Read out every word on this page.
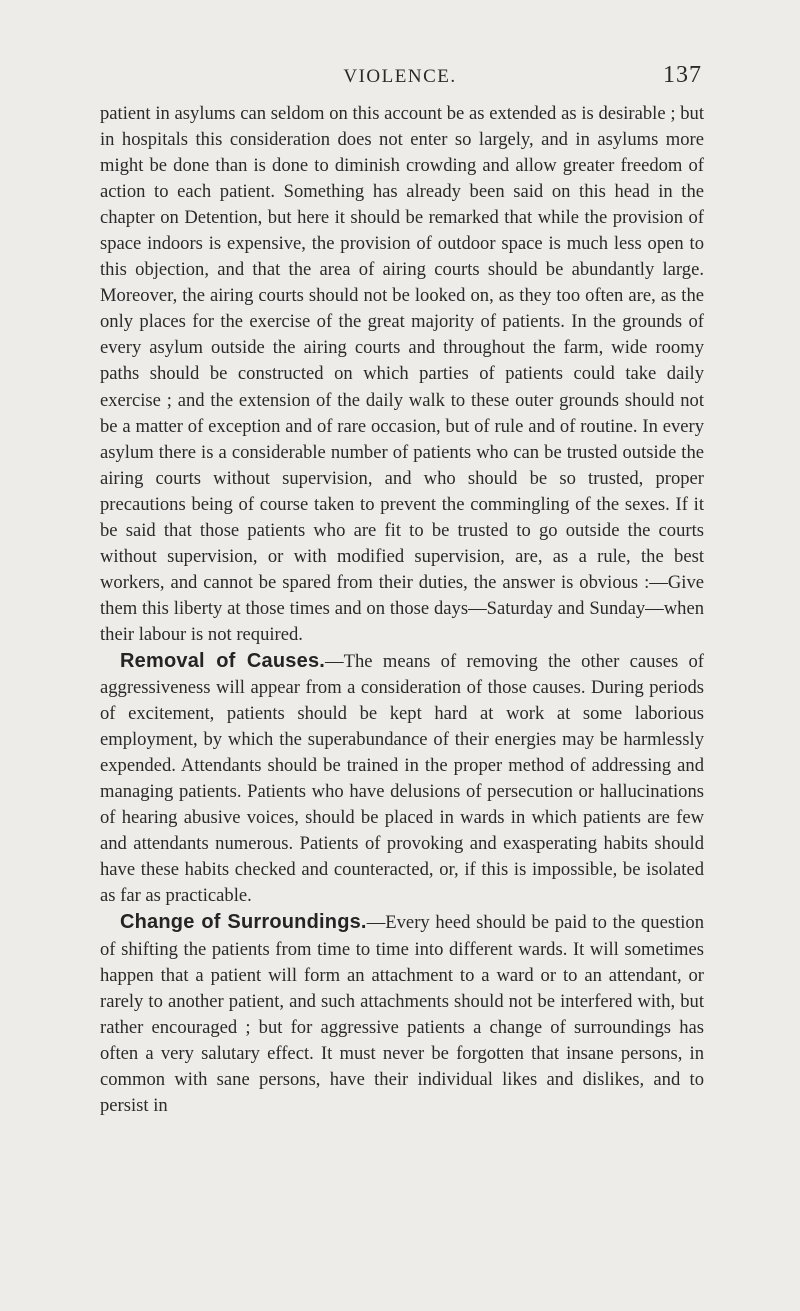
VIOLENCE.	137

patient in asylums can seldom on this account be as extended as is desirable ; but in hospitals this consideration does not enter so largely, and in asylums more might be done than is done to diminish crowding and allow greater freedom of action to each patient. Something has already been said on this head in the chapter on Detention, but here it should be remarked that while the provision of space indoors is expensive, the provision of outdoor space is much less open to this objection, and that the area of airing courts should be abundantly large. Moreover, the airing courts should not be looked on, as they too often are, as the only places for the exercise of the great majority of patients. In the grounds of every asylum outside the airing courts and throughout the farm, wide roomy paths should be constructed on which parties of patients could take daily exercise ; and the extension of the daily walk to these outer grounds should not be a matter of exception and of rare occasion, but of rule and of routine. In every asylum there is a considerable number of patients who can be trusted outside the airing courts without supervision, and who should be so trusted, proper precautions being of course taken to prevent the commingling of the sexes. If it be said that those patients who are fit to be trusted to go outside the courts without supervision, or with modified supervision, are, as a rule, the best workers, and cannot be spared from their duties, the answer is obvious :—Give them this liberty at those times and on those days—Saturday and Sunday—when their labour is not required.

Removal of Causes.—The means of removing the other causes of aggressiveness will appear from a consideration of those causes. During periods of excitement, patients should be kept hard at work at some laborious employment, by which the superabundance of their energies may be harmlessly expended. Attendants should be trained in the proper method of addressing and managing patients. Patients who have delusions of persecution or hallucinations of hearing abusive voices, should be placed in wards in which patients are few and attendants numerous. Patients of provoking and exasperating habits should have these habits checked and counteracted, or, if this is impossible, be isolated as far as practicable.

Change of Surroundings.—Every heed should be paid to the question of shifting the patients from time to time into different wards. It will sometimes happen that a patient will form an attachment to a ward or to an attendant, or rarely to another patient, and such attachments should not be interfered with, but rather encouraged ; but for aggressive patients a change of surroundings has often a very salutary effect. It must never be forgotten that insane persons, in common with sane persons, have their individual likes and dislikes, and to persist in
